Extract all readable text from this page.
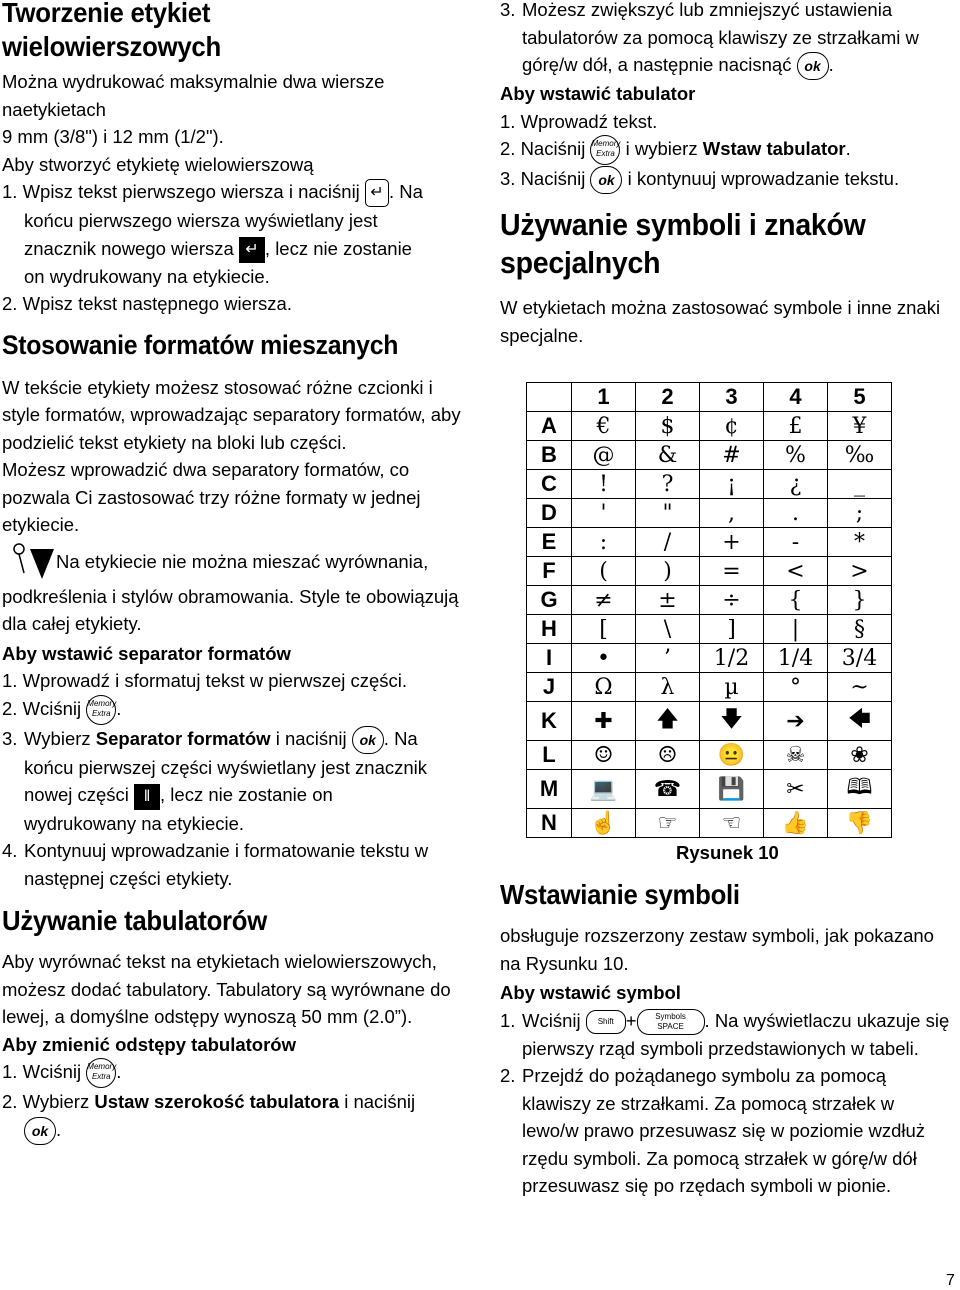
Tworzenie etykiet wielowierszowych

Można wydrukować maksymalnie dwa wiersze naetykietach

9 mm (3/8") i 12 mm (1/2").

Aby stworzyć etykietę wielowierszową

1. Wpisz tekst pierwszego wiersza i naciśnij ↵ . Na
końcu pierwszego wiersza wyświetlany jest
znacznik nowego wiersza ↵ , lecz nie zostanie
on wydrukowany na etykiecie.
2. Wpisz tekst następnego wiersza.
Stosowanie formatów mieszanych

W tekście etykiety możesz stosować różne czcionki i style formatów, wprowadzając separatory formatów, aby podzielić tekst etykiety na bloki lub części.

Możesz wprowadzić dwa separatory formatów, co pozwala Ci zastosować trzy różne formaty w jednej etykiecie.

Na etykiecie nie można mieszać wyrównania,

podkreślenia i stylów obramowania. Style te obowiązują dla całej etykiety.

Aby wstawić separator formatów

1. Wprowadź i sformatuj tekst w pierwszej części.
2. Wciśnij Memory
Extra .
3. Wybierz Separator formatów i naciśnij ok . Na
końcu pierwszej części wyświetlany jest znacznik
nowej części ‖ , lecz nie zostanie on
wydrukowany na etykiecie.
4. Kontynuuj wprowadzanie i formatowanie tekstu w następnej części etykiety.
Używanie tabulatorów

Aby wyrównać tekst na etykietach wielowierszowych, możesz dodać tabulatory. Tabulatory są wyrównane do lewej, a domyślne odstępy wynoszą 50 mm (2.0”).

Aby zmienić odstępy tabulatorów

1. Wciśnij Memory
Extra .
2. Wybierz Ustaw szerokość tabulatora i naciśnij
ok .
3. Możesz zwiększyć lub zmniejszyć ustawienia tabulatorów za pomocą klawiszy ze strzałkami w górę/w dół, a następnie nacisnąć ok .

Aby wstawić tabulator

1. Wprowadź tekst.
2. Naciśnij Memory
Extra i wybierz Wstaw tabulator.
3. Naciśnij ok i kontynuuj wprowadzanie tekstu.
Używanie symboli i znaków specjalnych

W etykietach można zastosować symbole i inne znaki specjalne.

	1	2	3	4	5
A	€	$	¢	£	¥
B	@	&	#	%	‰
C	!	?	¡	¿	_
D	'	"	,	.	;
E	:	/	+	-	*
F	(	)	=	<	>
G	≠	±	÷	{	}
H	[	\	]	|	§
I	•	’	1/2	1/4	3/4
J	Ω	λ	µ	°	~
K	✚	🡅	🡇	➔	🡄
L	☺	☹	😐	☠	❀
M	💻	☎	💾	✂	🕮
N	☝	☞	☜	👍	👎
Rysunek 10
Wstawianie symboli

obsługuje rozszerzony zestaw symboli, jak pokazano na Rysunku 10.

Aby wstawić symbol

1. Wciśnij Shift + Symbols
SPACE . Na wyświetlaczu ukazuje się pierwszy rząd symboli przedstawionych w tabeli.
2. Przejdź do pożądanego symbolu za pomocą klawiszy ze strzałkami. Za pomocą strzałek w lewo/w prawo przesuwasz się w poziomie wzdłuż rzędu symboli. Za pomocą strzałek w górę/w dół przesuwasz się po rzędach symboli w pionie.
7
